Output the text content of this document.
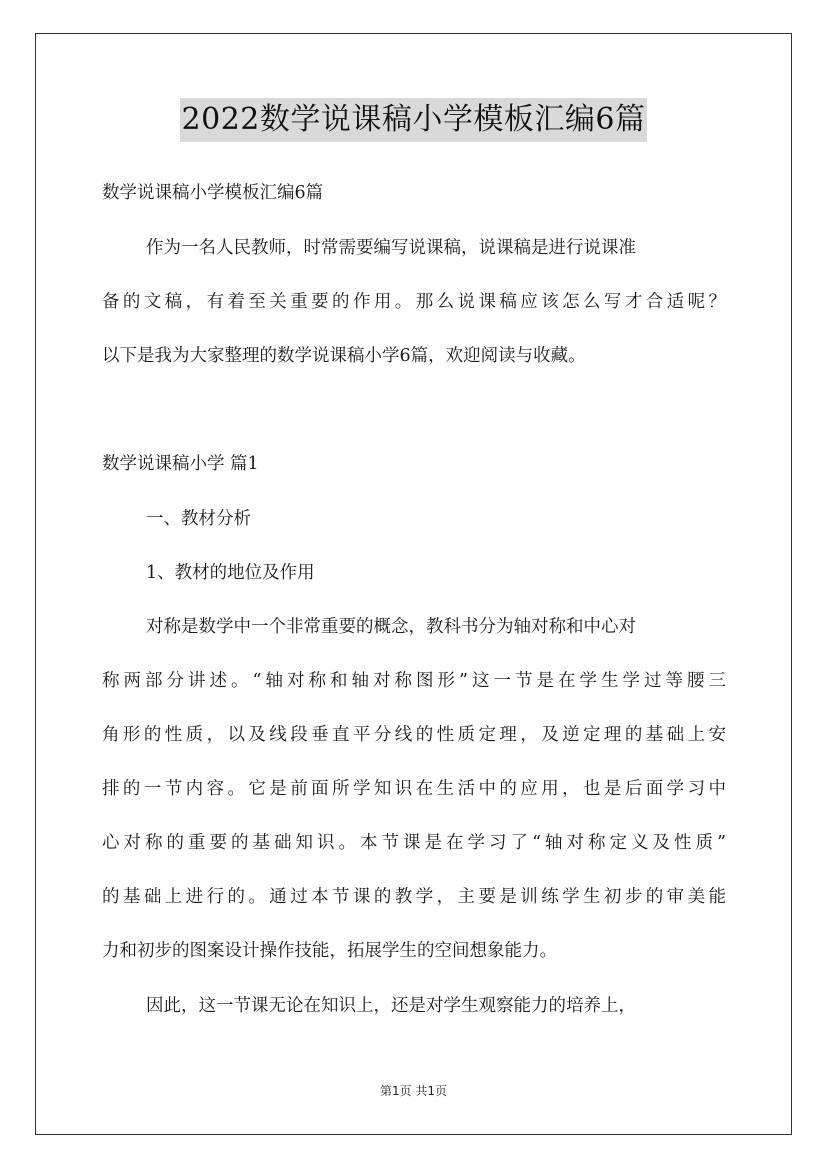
2022数学说课稿小学模板汇编6篇
数学说课稿小学模板汇编6篇
作为一名人民教师，时常需要编写说课稿，说课稿是进行说课准
备的文稿，有着至关重要的作用。那么说课稿应该怎么写才合适呢？
以下是我为大家整理的数学说课稿小学6篇，欢迎阅读与收藏。
数学说课稿小学 篇1
一、教材分析
1、教材的地位及作用
对称是数学中一个非常重要的概念，教科书分为轴对称和中心对
称两部分讲述。“轴对称和轴对称图形”这一节是在学生学过等腰三
角形的性质，以及线段垂直平分线的性质定理，及逆定理的基础上安
排的一节内容。它是前面所学知识在生活中的应用，也是后面学习中
心对称的重要的基础知识。本节课是在学习了“轴对称定义及性质”
的基础上进行的。通过本节课的教学，主要是训练学生初步的审美能
力和初步的图案设计操作技能，拓展学生的空间想象能力。
因此，这一节课无论在知识上，还是对学生观察能力的培养上，
第1页 共1页
